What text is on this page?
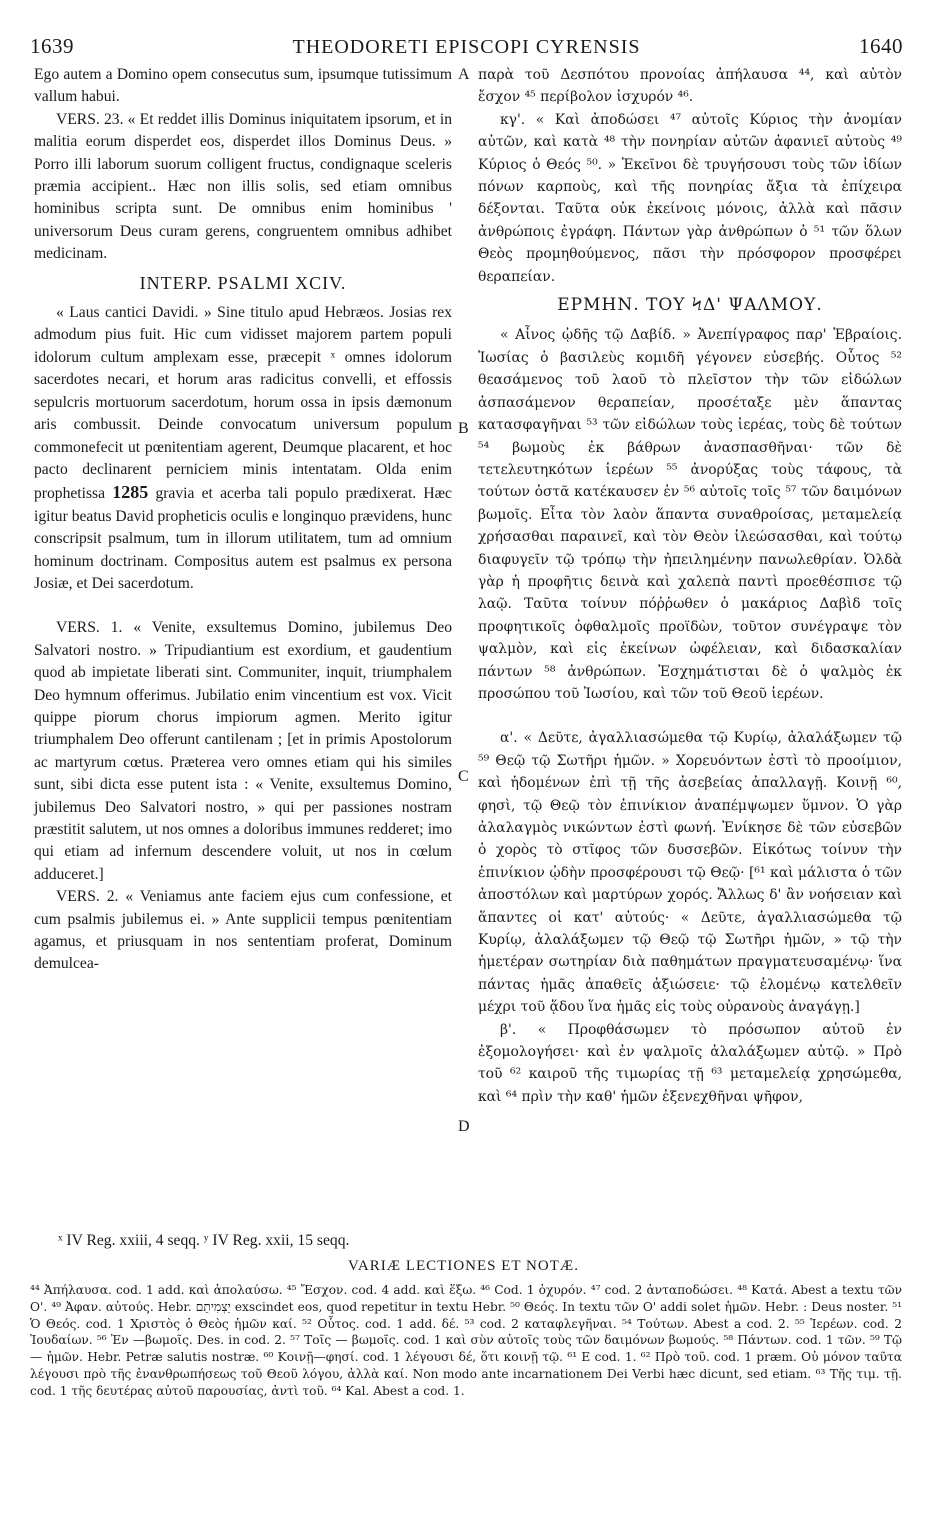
1639	THEODORETI EPISCOPI CYRENSIS	1640

Ego autem a Domino opem consecutus sum, ipsumque tutissimum vallum habui.

VERS. 23. « Et reddet illis Dominus iniquitatem ipsorum, et in malitia eorum disperdet eos, disperdet illos Dominus Deus. » Porro illi laborum suorum colligent fructus, condignaque sceleris præmia accipient.. Hæc non illis solis, sed etiam omnibus hominibus scripta sunt. De omnibus enim hominibus ' universorum Deus curam gerens, congruentem omnibus adhibet medicinam.

INTERP. PSALMI XCIV.

« Laus cantici Davidi. » Sine titulo apud Hebræos. Josias rex admodum pius fuit. Hic cum vidisset majorem partem populi idolorum cultum amplexam esse, præcepit ˣ omnes idolorum sacerdotes necari, et horum aras radicitus convelli, et effossis sepulcris mortuorum sacerdotum, horum ossa in ipsis dæmonum aris combussit. Deinde convocatum universum populum commonefecit ut pœnitentiam agerent, Deumque placarent, et hoc pacto declinarent perniciem minis intentatam. Olda enim prophetissa 1285 gravia et acerba tali populo prædixerat. Hæc igitur beatus David propheticis oculis e longinquo prævidens, hunc conscripsit psalmum, tum in illorum utilitatem, tum ad omnium hominum doctrinam. Compositus autem est psalmus ex persona Josiæ, et Dei sacerdotum.

VERS. 1. « Venite, exsultemus Domino, jubilemus Deo Salvatori nostro. » Tripudiantium est exordium, et gaudentium quod ab impietate liberati sint. Communiter, inquit, triumphalem Deo hymnum offerimus. Jubilatio enim vincentium est vox. Vicit quippe piorum chorus impiorum agmen. Merito igitur triumphalem Deo offerunt cantilenam ; [et in primis Apostolorum ac martyrum cœtus. Præterea vero omnes etiam qui his similes sunt, sibi dicta esse putent ista : « Venite, exsultemus Domino, jubilemus Deo Salvatori nostro, » qui per passiones nostram præstitit salutem, ut nos omnes a doloribus immunes redderet; imo qui etiam ad infernum descendere voluit, ut nos in cœlum adduceret.]

VERS. 2. « Veniamus ante faciem ejus cum confessione, et cum psalmis jubilemus ei. » Ante supplicii tempus pœnitentiam agamus, et priusquam in nos sententiam proferat, Dominum demulcea-

παρὰ τοῦ Δεσπότου προνοίας ἀπήλαυσα ⁴⁴, καὶ αὐτὸν ἔσχον ⁴⁵ περίβολον ἰσχυρόν ⁴⁶.

κγ'. « Καὶ ἀποδώσει ⁴⁷ αὐτοῖς Κύριος τὴν ἀνομίαν αὐτῶν, καὶ κατὰ ⁴⁸ τὴν πονηρίαν αὐτῶν ἀφανιεῖ αὐτοὺς ⁴⁹ Κύριος ὁ Θεός ⁵⁰. » Ἐκεῖνοι δὲ τρυγήσουσι τοὺς τῶν ἰδίων πόνων καρποὺς, καὶ τῆς πονηρίας ἄξια τὰ ἐπίχειρα δέξονται. Ταῦτα οὐκ ἐκείνοις μόνοις, ἀλλὰ καὶ πᾶσιν ἀνθρώποις ἐγράφη. Πάντων γὰρ ἀνθρώπων ὁ ⁵¹ τῶν ὅλων Θεὸς προμηθούμενος, πᾶσι τὴν πρόσφορον προσφέρει θεραπείαν.

ΕΡΜΗΝ. ΤΟΥ ϞΔ' ΨΑΛΜΟΥ.

« Αἶνος ᾠδῆς τῷ Δαβίδ. » Ἀνεπίγραφος παρ' Ἑβραίοις. Ἰωσίας ὁ βασιλεὺς κομιδῆ γέγονεν εὐσεβής. Οὗτος ⁵² θεασάμενος τοῦ λαοῦ τὸ πλεῖστον τὴν τῶν εἰδώλων ἀσπασάμενον θεραπείαν, προσέταξε μὲν ἅπαντας κατασφαγῆναι ⁵³ τῶν εἰδώλων τοὺς ἱερέας, τοὺς δὲ τούτων ⁵⁴ βωμοὺς ἐκ βάθρων ἀνασπασθῆναι· τῶν δὲ τετελευτηκότων ἱερέων ⁵⁵ ἀνορύξας τοὺς τάφους, τὰ τούτων ὀστᾶ κατέκαυσεν ἐν ⁵⁶ αὐτοῖς τοῖς ⁵⁷ τῶν δαιμόνων βωμοῖς. Εἶτα τὸν λαὸν ἅπαντα συναθροίσας, μεταμελείᾳ χρήσασθαι παραινεῖ, καὶ τὸν Θεὸν ἱλεώσασθαι, καὶ τούτῳ διαφυγεῖν τῷ τρόπῳ τὴν ἠπειλημένην πανωλεθρίαν. Ὀλδὰ γὰρ ἡ προφῆτις δεινὰ καὶ χαλεπὰ παντὶ προεθέσπισε τῷ λαῷ. Ταῦτα τοίνυν πόῤῥωθεν ὁ μακάριος Δαβὶδ τοῖς προφητικοῖς ὀφθαλμοῖς προϊδὼν, τοῦτον συνέγραψε τὸν ψαλμὸν, καὶ εἰς ἐκείνων ὠφέλειαν, καὶ διδασκαλίαν πάντων ⁵⁸ ἀνθρώπων. Ἐσχημάτισται δὲ ὁ ψαλμὸς ἐκ προσώπου τοῦ Ἰωσίου, καὶ τῶν τοῦ Θεοῦ ἱερέων.

α'. « Δεῦτε, ἀγαλλιασώμεθα τῷ Κυρίῳ, ἀλαλάξωμεν τῷ ⁵⁹ Θεῷ τῷ Σωτῆρι ἡμῶν. » Χορευόντων ἐστὶ τὸ προοίμιον, καὶ ἡδομένων ἐπὶ τῇ τῆς ἀσεβείας ἀπαλλαγῇ. Κοινῇ ⁶⁰, φησὶ, τῷ Θεῷ τὸν ἐπινίκιον ἀναπέμψωμεν ὕμνον. Ὁ γὰρ ἀλαλαγμὸς νικώντων ἐστὶ φωνή. Ἐνίκησε δὲ τῶν εὐσεβῶν ὁ χορὸς τὸ στῖφος τῶν δυσσεβῶν. Εἰκότως τοίνυν τὴν ἐπινίκιον ᾠδὴν προσφέρουσι τῷ Θεῷ· [⁶¹ καὶ μάλιστα ὁ τῶν ἀποστόλων καὶ μαρτύρων χορός. Ἄλλως δ' ἂν νοήσειαν καὶ ἅπαντες οἱ κατ' αὐτούς· « Δεῦτε, ἀγαλλιασώμεθα τῷ Κυρίῳ, ἀλαλάξωμεν τῷ Θεῷ τῷ Σωτῆρι ἡμῶν, » τῷ τὴν ἡμετέραν σωτηρίαν διὰ παθημάτων πραγματευσαμένῳ· ἵνα πάντας ἡμᾶς ἀπαθεῖς ἀξιώσειε· τῷ ἑλομένῳ κατελθεῖν μέχρι τοῦ ᾅδου ἵνα ἡμᾶς εἰς τοὺς οὐρανοὺς ἀναγάγῃ.]

β'. « Προφθάσωμεν τὸ πρόσωπον αὐτοῦ ἐν ἐξομολογήσει· καὶ ἐν ψαλμοῖς ἀλαλάξωμεν αὐτῷ. » Πρὸ τοῦ ⁶² καιροῦ τῆς τιμωρίας τῇ ⁶³ μεταμελείᾳ χρησώμεθα, καὶ ⁶⁴ πρὶν τὴν καθ' ἡμῶν ἐξενεχθῆναι ψῆφον,

A
B
C
D
ˣ IV Reg. xxiii, 4 seqq. ʸ IV Reg. xxii, 15 seqq.
VARIÆ LECTIONES ET NOTÆ.
⁴⁴ Ἀπήλαυσα. cod. 1 add. καὶ ἀπολαύσω. ⁴⁵ Ἔσχον. cod. 4 add. καὶ ἕξω. ⁴⁶ Cod. 1 ὀχυρόν. ⁴⁷ cod. 2 ἀνταποδώσει. ⁴⁸ Κατά. Abest a textu τῶν Ο'. ⁴⁹ Ἀφαν. αὐτούς. Hebr. יַצְמִיתֵם exscindet eos, quod repetitur in textu Hebr. ⁵⁰ Θεός. In textu τῶν Ο' addi solet ἡμῶν. Hebr. : Deus noster. ⁵¹ Ὁ Θεός. cod. 1 Χριστὸς ὁ Θεὸς ἡμῶν καί. ⁵² Οὗτος. cod. 1 add. δέ. ⁵³ cod. 2 καταφλεγῆναι. ⁵⁴ Τούτων. Abest a cod. 2. ⁵⁵ Ἱερέων. cod. 2 Ἰουδαίων. ⁵⁶ Ἐν —βωμοῖς. Des. in cod. 2. ⁵⁷ Τοῖς — βωμοῖς. cod. 1 καὶ σὺν αὐτοῖς τοὺς τῶν δαιμόνων βωμούς. ⁵⁸ Πάντων. cod. 1 τῶν. ⁵⁹ Τῷ — ἡμῶν. Hebr. Petræ salutis nostræ. ⁶⁰ Κοινῇ—φησί. cod. 1 λέγουσι δέ, ὅτι κοινῇ τῷ. ⁶¹ E cod. 1. ⁶² Πρὸ τοῦ. cod. 1 præm. Οὐ μόνον ταῦτα λέγουσι πρὸ τῆς ἐνανθρωπήσεως τοῦ Θεοῦ λόγου, ἀλλὰ καί. Non modo ante incarnationem Dei Verbi hæc dicunt, sed etiam. ⁶³ Τῆς τιμ. τῇ. cod. 1 τῆς δευτέρας αὐτοῦ παρουσίας, ἀντὶ τοῦ. ⁶⁴ Kal. Abest a cod. 1.
